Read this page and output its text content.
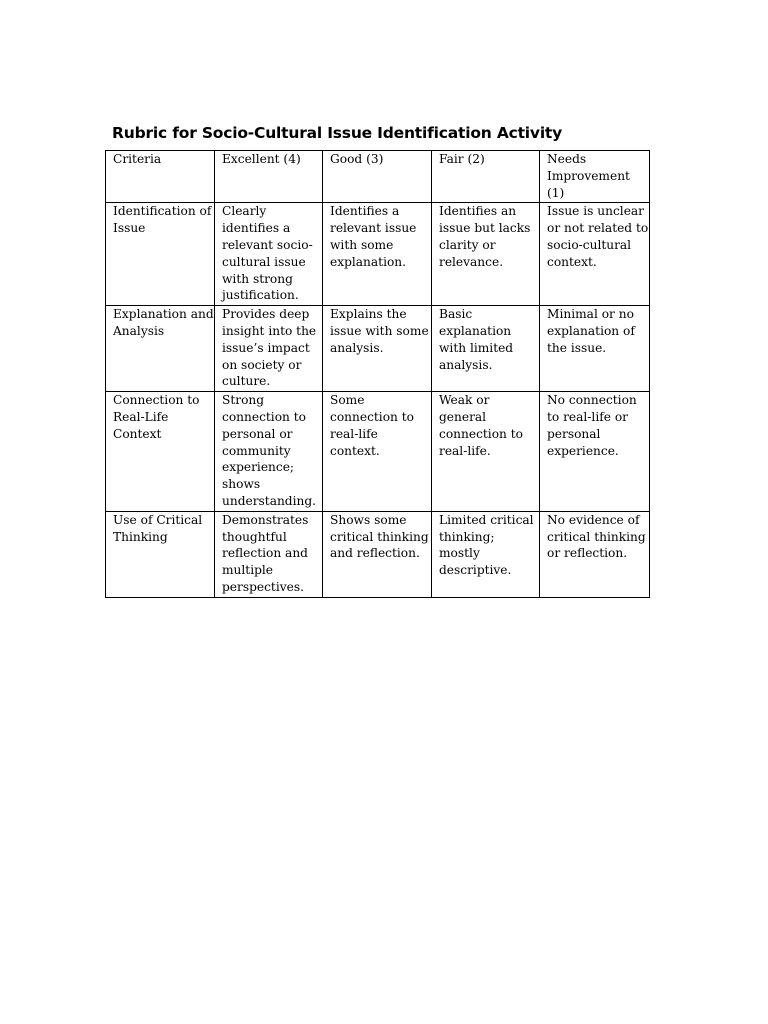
Rubric for Socio-Cultural Issue Identification Activity
Criteria	Excellent (4)	Good (3)	Fair (2)	Needs Improvement (1)
Identification of Issue	Clearly identifies a relevant socio-cultural issue with strong justification.	Identifies a relevant issue with some explanation.	Identifies an issue but lacks clarity or relevance.	Issue is unclear or not related to socio-cultural context.
Explanation and Analysis	Provides deep insight into the issue’s impact on society or culture.	Explains the issue with some analysis.	Basic explanation with limited analysis.	Minimal or no explanation of the issue.
Connection to Real-Life Context	Strong connection to personal or community experience; shows understanding.	Some connection to real-life context.	Weak or general connection to real-life.	No connection to real-life or personal experience.
Use of Critical Thinking	Demonstrates thoughtful reflection and multiple perspectives.	Shows some critical thinking and reflection.	Limited critical thinking; mostly descriptive.	No evidence of critical thinking or reflection.
